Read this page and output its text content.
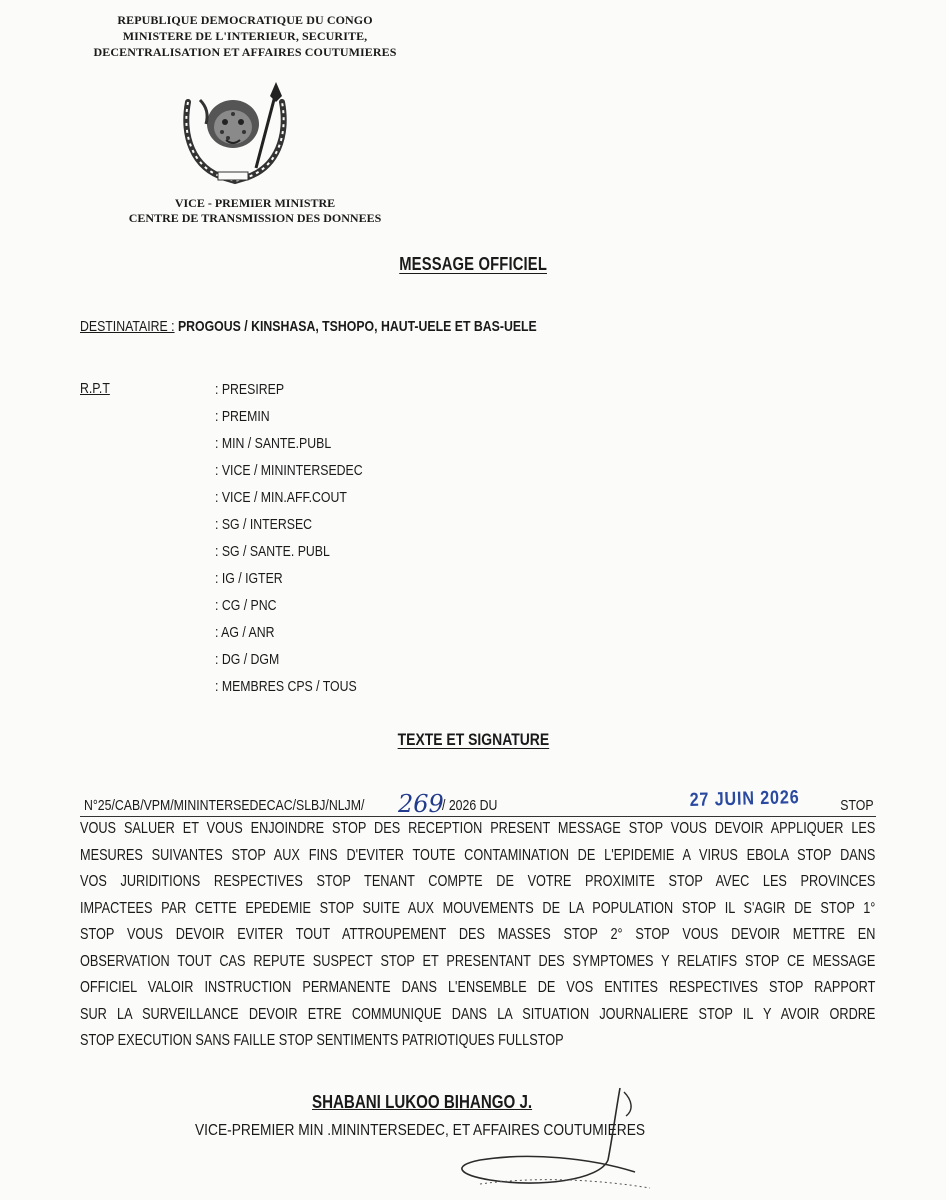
REPUBLIQUE DEMOCRATIQUE DU CONGO
MINISTERE DE L'INTERIEUR, SECURITE,
DECENTRALISATION ET AFFAIRES COUTUMIERES
VICE - PREMIER MINISTRE
CENTRE DE TRANSMISSION DES DONNEES
MESSAGE OFFICIEL
DESTINATAIRE : PROGOUS / KINSHASA, TSHOPO, HAUT-UELE ET BAS-UELE
R.P.T	: PRESIREP
: PREMIN
: MIN / SANTE.PUBL
: VICE / MININTERSEDEC
: VICE / MIN.AFF.COUT
: SG / INTERSEC
: SG / SANTE. PUBL
: IG / IGTER
: CG / PNC
: AG / ANR
: DG / DGM
: MEMBRES CPS / TOUS
TEXTE ET SIGNATURE
N°25/CAB/VPM/MININTERSEDECAC/SLBJ/NLJM/ 269
/ 2026 DU	27 JUIN 2026	STOP
VOUS SALUER ET VOUS ENJOINDRE STOP DES RECEPTION PRESENT MESSAGE STOP VOUS DEVOIR APPLIQUER LES
MESURES SUIVANTES STOP AUX FINS D'EVITER TOUTE CONTAMINATION DE L'EPIDEMIE A VIRUS EBOLA STOP DANS
VOS JURIDITIONS RESPECTIVES STOP TENANT COMPTE DE VOTRE PROXIMITE STOP AVEC LES PROVINCES
IMPACTEES PAR CETTE EPEDEMIE STOP SUITE AUX MOUVEMENTS DE LA POPULATION STOP IL S'AGIR DE STOP 1°
STOP VOUS DEVOIR EVITER TOUT ATTROUPEMENT DES MASSES STOP 2° STOP VOUS DEVOIR METTRE EN
OBSERVATION TOUT CAS REPUTE SUSPECT STOP ET PRESENTANT DES SYMPTOMES Y RELATIFS STOP CE MESSAGE
OFFICIEL VALOIR INSTRUCTION PERMANENTE DANS L'ENSEMBLE DE VOS ENTITES RESPECTIVES STOP RAPPORT
SUR LA SURVEILLANCE DEVOIR ETRE COMMUNIQUE DANS LA SITUATION JOURNALIERE STOP IL Y AVOIR ORDRE
STOP EXECUTION SANS FAILLE STOP SENTIMENTS PATRIOTIQUES FULLSTOP
SHABANI LUKOO BIHANGO J.
VICE-PREMIER MIN .MININTERSEDEC, ET AFFAIRES COUTUMIERES
